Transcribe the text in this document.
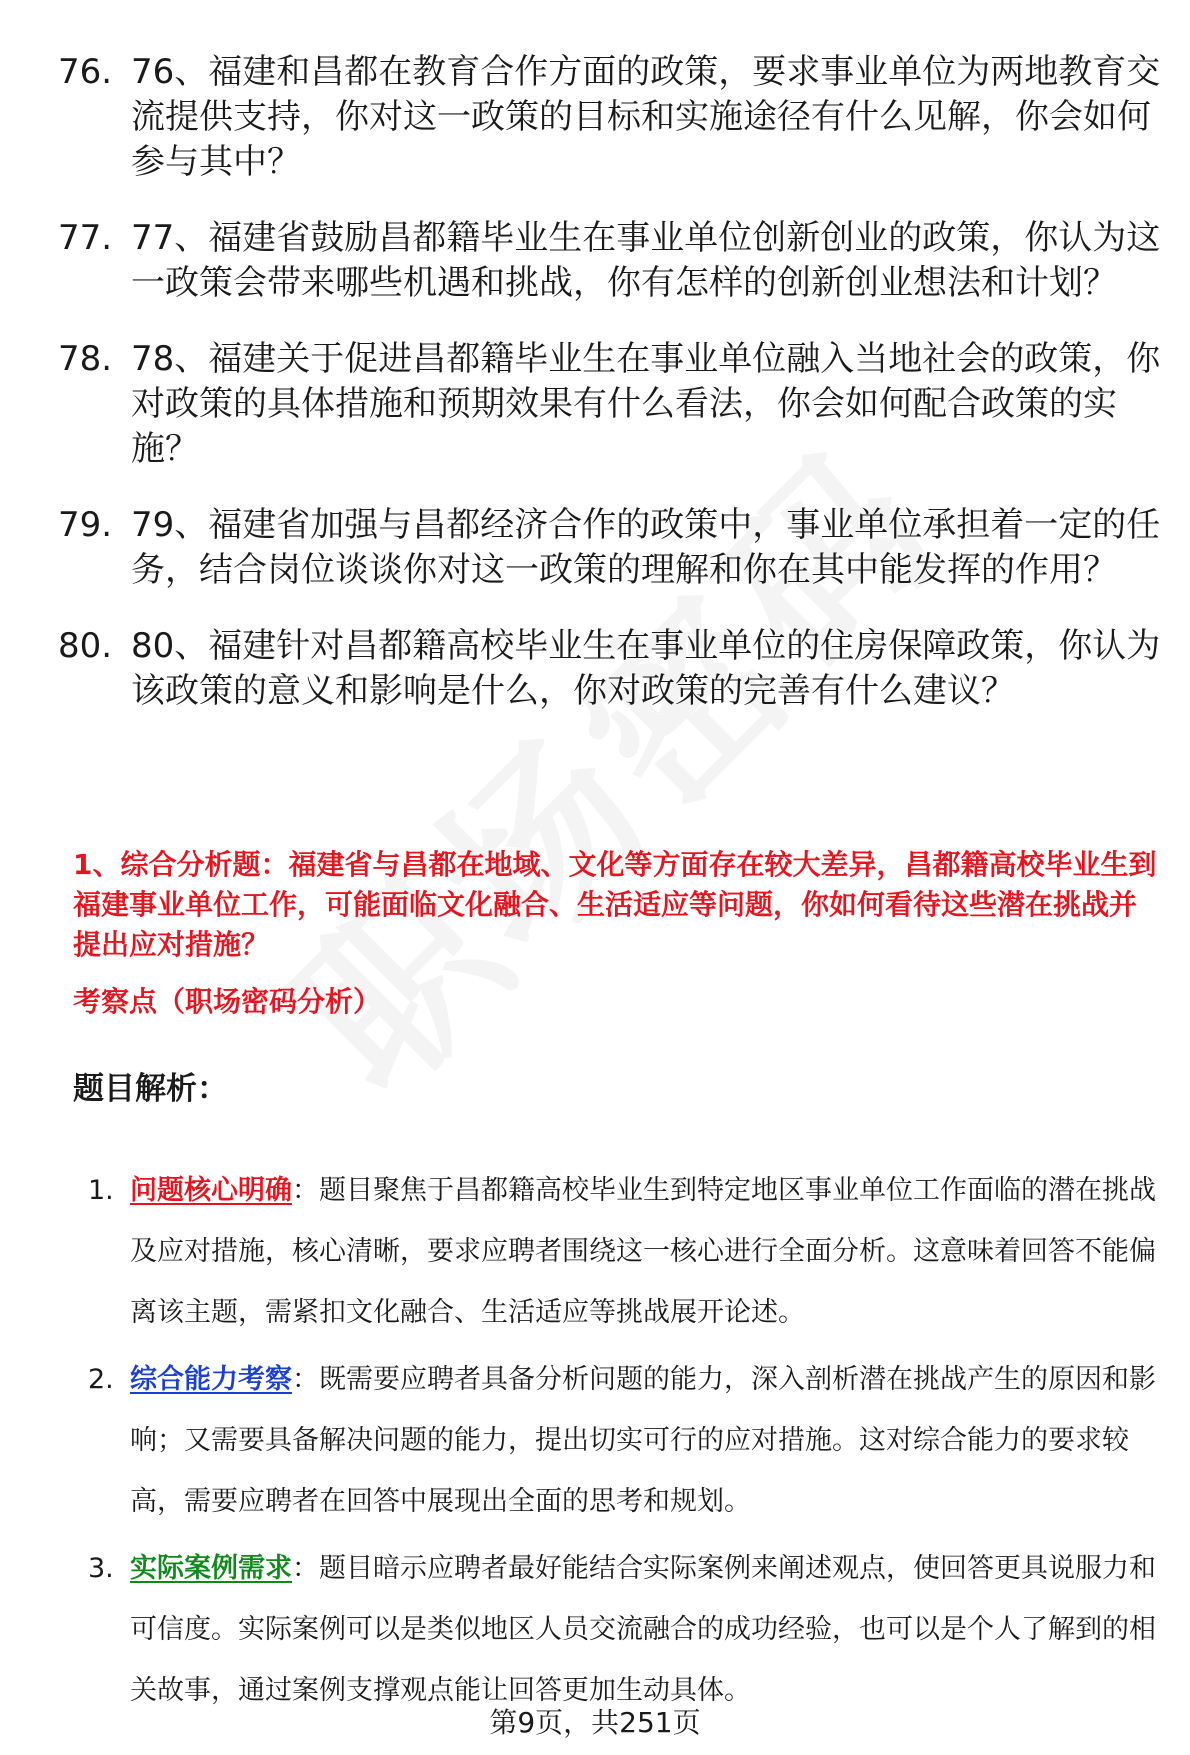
76. 76、福建和昌都在教育合作方面的政策，要求事业单位为两地教育交流提供支持，你对这一政策的目标和实施途径有什么见解，你会如何参与其中？
77. 77、福建省鼓励昌都籍毕业生在事业单位创新创业的政策，你认为这一政策会带来哪些机遇和挑战，你有怎样的创新创业想法和计划？
78. 78、福建关于促进昌都籍毕业生在事业单位融入当地社会的政策，你对政策的具体措施和预期效果有什么看法，你会如何配合政策的实施？
79. 79、福建省加强与昌都经济合作的政策中，事业单位承担着一定的任务，结合岗位谈谈你对这一政策的理解和你在其中能发挥的作用？
80. 80、福建针对昌都籍高校毕业生在事业单位的住房保障政策，你认为该政策的意义和影响是什么，你对政策的完善有什么建议？
1、综合分析题：福建省与昌都在地域、文化等方面存在较大差异，昌都籍高校毕业生到福建事业单位工作，可能面临文化融合、生活适应等问题，你如何看待这些潜在挑战并提出应对措施？
考察点（职场密码分析）
题目解析：
1. 问题核心明确：题目聚焦于昌都籍高校毕业生到特定地区事业单位工作面临的潜在挑战及应对措施，核心清晰，要求应聘者围绕这一核心进行全面分析。这意味着回答不能偏离该主题，需紧扣文化融合、生活适应等挑战展开论述。
2. 综合能力考察：既需要应聘者具备分析问题的能力，深入剖析潜在挑战产生的原因和影响；又需要具备解决问题的能力，提出切实可行的应对措施。这对综合能力的要求较高，需要应聘者在回答中展现出全面的思考和规划。
3. 实际案例需求：题目暗示应聘者最好能结合实际案例来阐述观点，使回答更具说服力和可信度。实际案例可以是类似地区人员交流融合的成功经验，也可以是个人了解到的相关故事，通过案例支撑观点能让回答更加生动具体。
第9页，共251页
